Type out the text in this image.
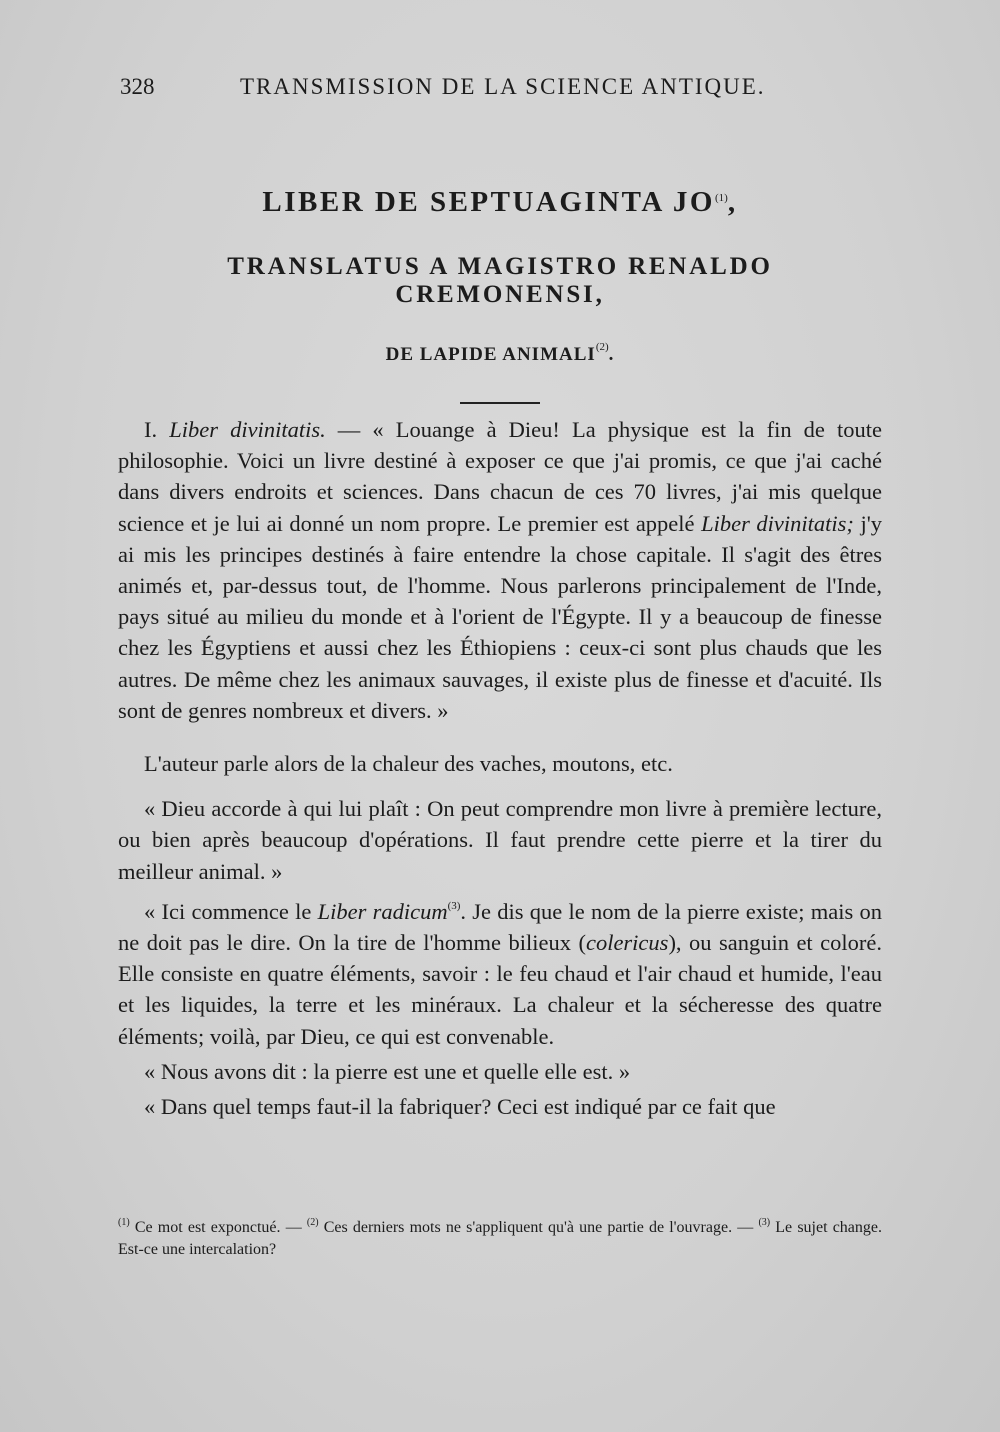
328	TRANSMISSION DE LA SCIENCE ANTIQUE.
LIBER DE SEPTUAGINTA JO$^{(1)}$,
TRANSLATUS A MAGISTRO RENALDO CREMONENSI,
DE LAPIDE ANIMALI$^{(2)}$.

I. Liber divinitatis. — « Louange à Dieu! La physique est la fin de toute philosophie. Voici un livre destiné à exposer ce que j'ai promis, ce que j'ai caché dans divers endroits et sciences. Dans chacun de ces 70 livres, j'ai mis quelque science et je lui ai donné un nom propre. Le premier est appelé Liber divinitatis; j'y ai mis les principes destinés à faire entendre la chose capitale. Il s'agit des êtres animés et, par-dessus tout, de l'homme. Nous parlerons principalement de l'Inde, pays situé au milieu du monde et à l'orient de l'Égypte. Il y a beaucoup de finesse chez les Égyptiens et aussi chez les Éthiopiens : ceux-ci sont plus chauds que les autres. De même chez les animaux sauvages, il existe plus de finesse et d'acuité. Ils sont de genres nombreux et divers. »

L'auteur parle alors de la chaleur des vaches, moutons, etc.

« Dieu accorde à qui lui plaît : On peut comprendre mon livre à première lecture, ou bien après beaucoup d'opérations. Il faut prendre cette pierre et la tirer du meilleur animal. »

« Ici commence le Liber radicum$^{(3)}$. Je dis que le nom de la pierre existe; mais on ne doit pas le dire. On la tire de l'homme bilieux (colericus), ou sanguin et coloré. Elle consiste en quatre éléments, savoir : le feu chaud et l'air chaud et humide, l'eau et les liquides, la terre et les minéraux. La chaleur et la sécheresse des quatre éléments; voilà, par Dieu, ce qui est convenable.

« Nous avons dit : la pierre est une et quelle elle est. »

« Dans quel temps faut-il la fabriquer? Ceci est indiqué par ce fait que

$^{(1)}$ Ce mot est exponctué. — $^{(2)}$ Ces derniers mots ne s'appliquent qu'à une partie de l'ouvrage. — $^{(3)}$ Le sujet change. Est-ce une intercalation?
